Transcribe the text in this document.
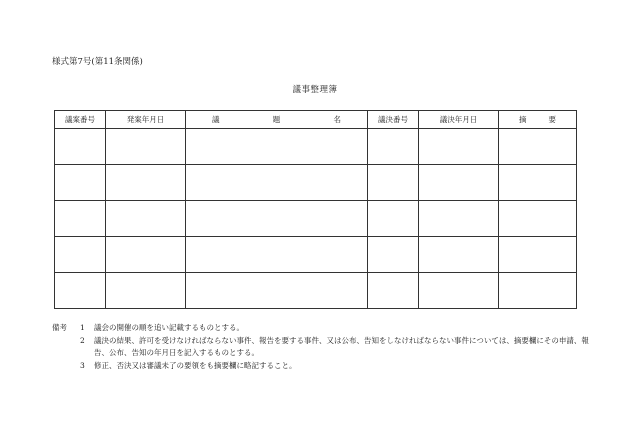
様式第7号(第11条関係)
議事整理簿
議案番号	発案年月日	議 題 名	議決番号	議決年月日	摘 要

備考	1	議会の開催の順を追い記載するものとする。
2	議決の結果、許可を受けなければならない事件、報告を要する事件、又は公布、告知をしなければならない事件については、摘要欄にその申請、報告、公布、告知の年月日を記入するものとする。
3	修正、否決又は審議未了の要領をも摘要欄に略記すること。
